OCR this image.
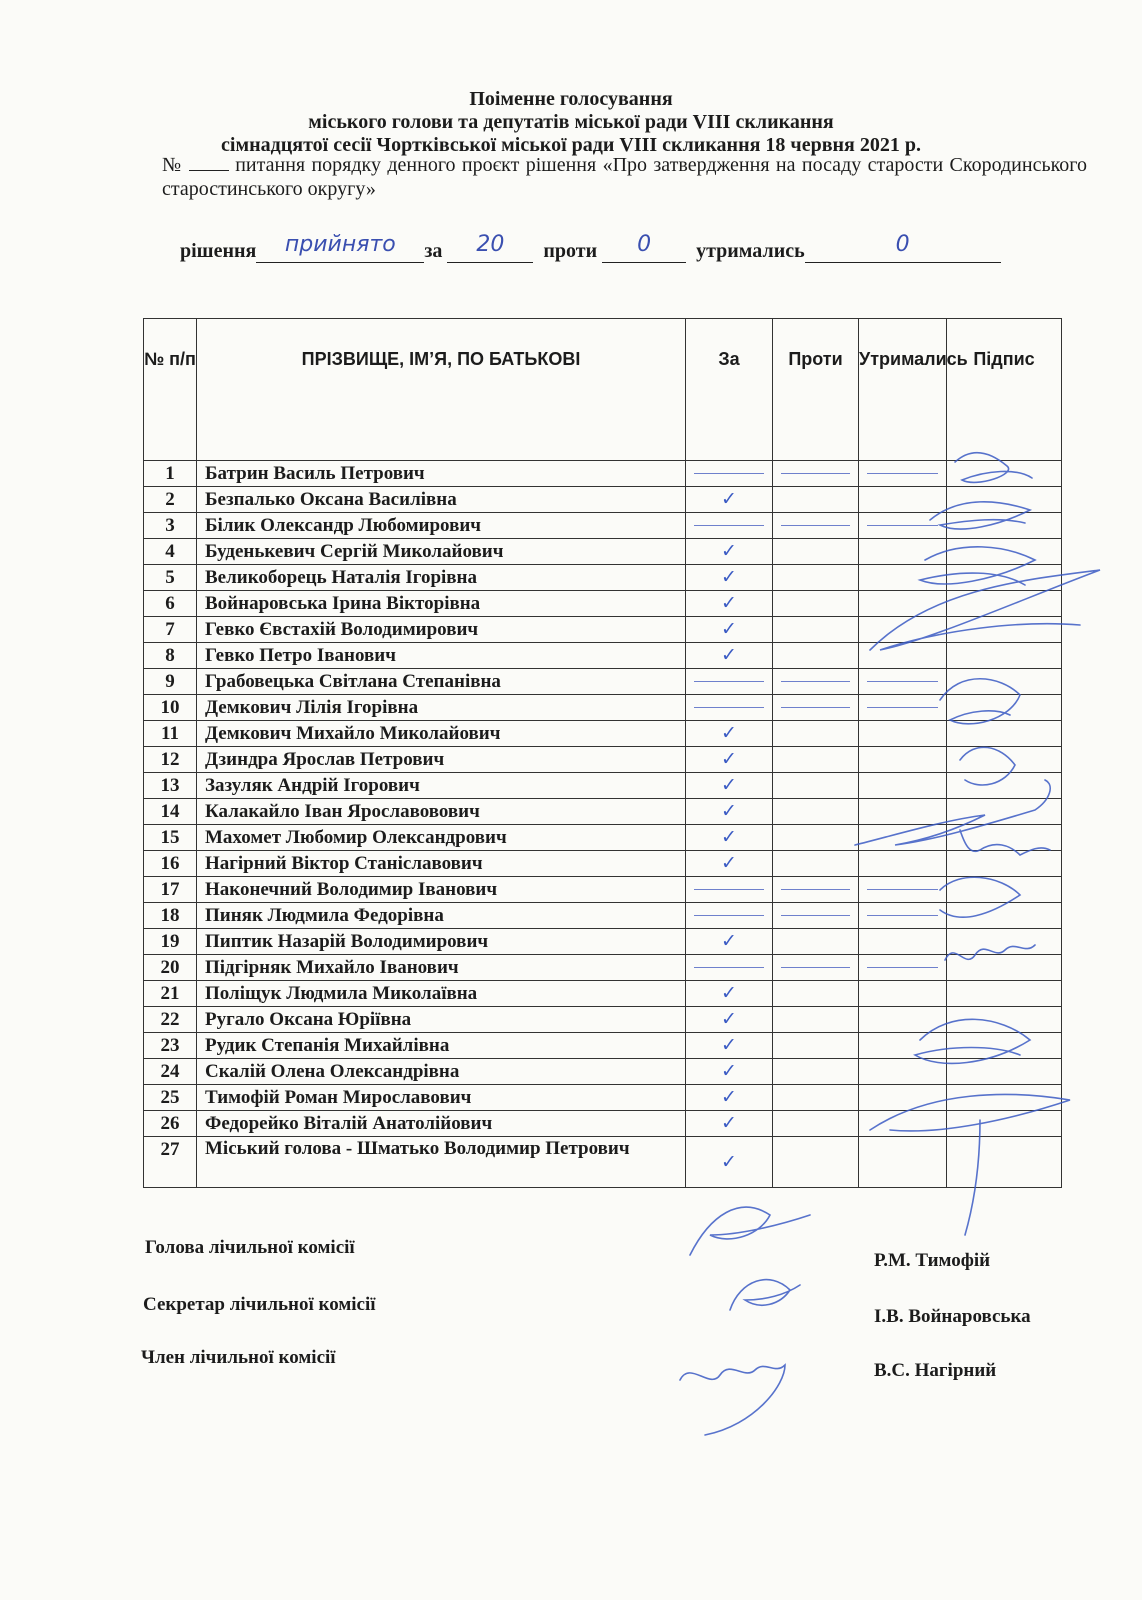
Поіменне голосування
міського голови та депутатів міської ради VIII скликання
сімнадцятої сесії Чортківської міської ради VIII скликання 18 червня 2021 р.
№	питання порядку денного проєкт рішення «Про затвердження на посаду старости Скородинського старостинського округу»
рішення	прийнято	за	20	проти	0	утримались	0
№ п/п	ПРІЗВИЩЕ, ІМ’Я, ПО БАТЬКОВІ	За	Проти	Утримались	Підпис
1	Батрин Василь Петрович	

2	Безпалько Оксана Василівна	✓			
3	Білик Олександр Любомирович	

4	Буденькевич Сергій Миколайович	✓			
5	Великоборець Наталія Ігорівна	✓			
6	Войнаровська Ірина Вікторівна	✓			
7	Гевко Євстахій Володимирович	✓			
8	Гевко Петро Іванович	✓			
9	Грабовецька Світлана Степанівна	

10	Демкович Лілія Ігорівна	

11	Демкович Михайло Миколайович	✓			
12	Дзиндра Ярослав Петрович	✓			
13	Зазуляк Андрій Ігорович	✓			
14	Калакайло Іван Ярославовович	✓			
15	Махомет Любомир Олександрович	✓			
16	Нагірний Віктор Станіславович	✓			
17	Наконечний Володимир Іванович	

18	Пиняк Людмила Федорівна	

19	Пиптик Назарій Володимирович	✓			
20	Підгірняк Михайло Іванович	

21	Поліщук Людмила Миколаївна	✓			
22	Ругало Оксана Юріївна	✓			
23	Рудик Степанія Михайлівна	✓			
24	Скалій Олена Олександрівна	✓			
25	Тимофій Роман Мирославович	✓			
26	Федорейко Віталій Анатолійович	✓			
27	Міський голова - Шматько Володимир Петрович	✓			
Голова лічильної комісії
Р.М. Тимофій
Секретар лічильної комісії
І.В. Войнаровська
Член лічильної комісії
В.С. Нагірний
